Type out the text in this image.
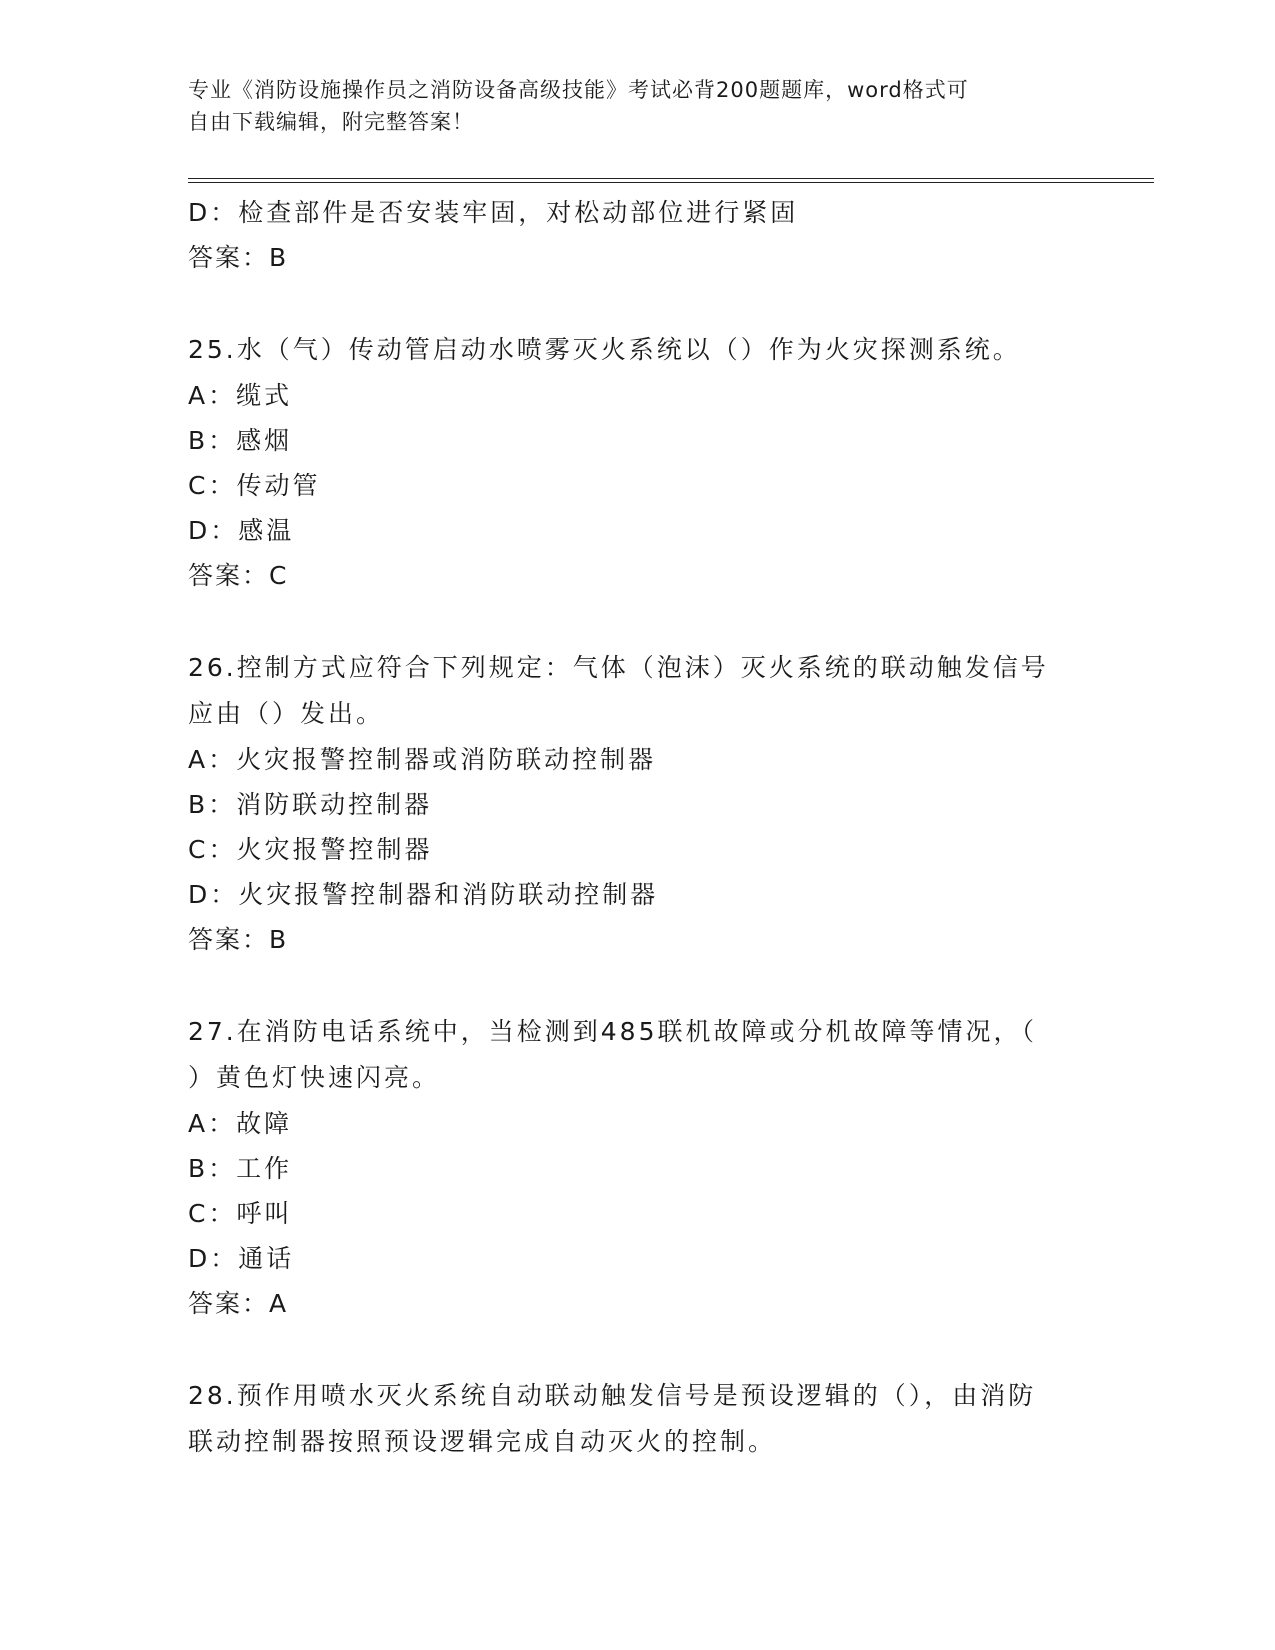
专业《消防设施操作员之消防设备高级技能》考试必背200题题库，word格式可
自由下载编辑，附完整答案！
D：检查部件是否安装牢固，对松动部位进行紧固
答案：B
25.水（气）传动管启动水喷雾灭火系统以（）作为火灾探测系统。
A：缆式
B：感烟
C：传动管
D：感温
答案：C
26.控制方式应符合下列规定：气体（泡沫）灭火系统的联动触发信号
应由（）发出。
A：火灾报警控制器或消防联动控制器
B：消防联动控制器
C：火灾报警控制器
D：火灾报警控制器和消防联动控制器
答案：B
27.在消防电话系统中，当检测到485联机故障或分机故障等情况，（
）黄色灯快速闪亮。
A：故障
B：工作
C：呼叫
D：通话
答案：A
28.预作用喷水灭火系统自动联动触发信号是预设逻辑的（），由消防
联动控制器按照预设逻辑完成自动灭火的控制。
